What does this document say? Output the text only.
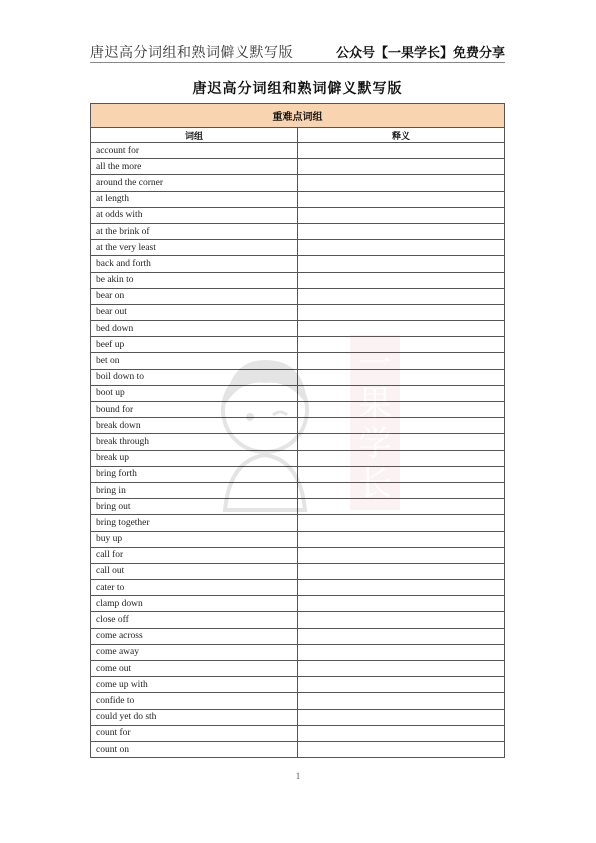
唐迟高分词组和熟词僻义默写版	公众号【一果学长】免费分享
唐迟高分词组和熟词僻义默写版
重难点词组	
词组	释义
account for	
all the more	
around the corner	
at length	
at odds with	
at the brink of	
at the very least	
back and forth	
be akin to	
bear on	
bear out	
bed down	
beef up	
bet on	
boil down to	
boot up	
bound for	
break down	
break through	
break up	
bring forth	
bring in	
bring out	
bring together	
buy up	
call for	
call out	
cater to	
clamp down	
close off	
come across	
come away	
come out	
come up with	
confide to	
could yet do sth	
count for	
count on	
一
果
学
长
1
